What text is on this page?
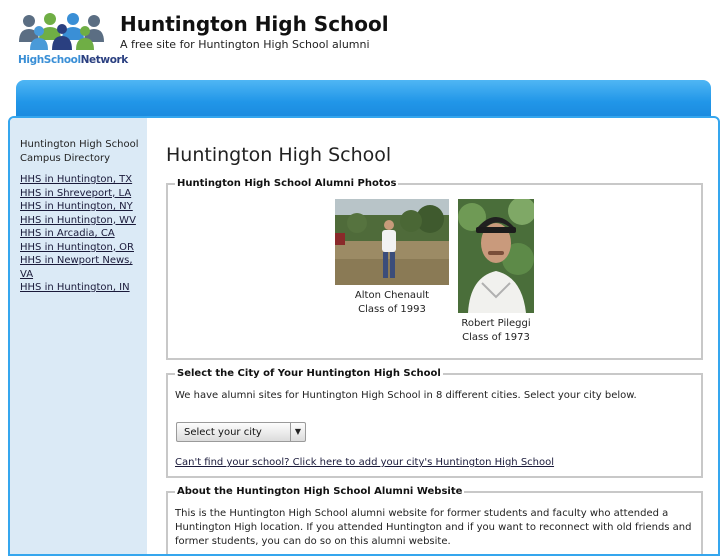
HighSchoolNetwork
Huntington High School
A free site for Huntington High School alumni
Huntington High School Campus Directory
HHS in Huntington, TX
HHS in Shreveport, LA
HHS in Huntington, NY
HHS in Huntington, WV
HHS in Arcadia, CA
HHS in Huntington, OR
HHS in Newport News, VA
HHS in Huntington, IN
Huntington High School
Huntington High School Alumni Photos
Alton Chenault
Class of 1993
Robert Pileggi
Class of 1973
Select the City of Your Huntington High School
We have alumni sites for Huntington High School in 8 different cities. Select your city below.
Select your city	▼
Can't find your school? Click here to add your city's Huntington High School
About the Huntington High School Alumni Website
This is the Huntington High School alumni website for former students and faculty who attended a Huntington High location. If you attended Huntington and if you want to reconnect with old friends and former students, you can do so on this alumni website.
